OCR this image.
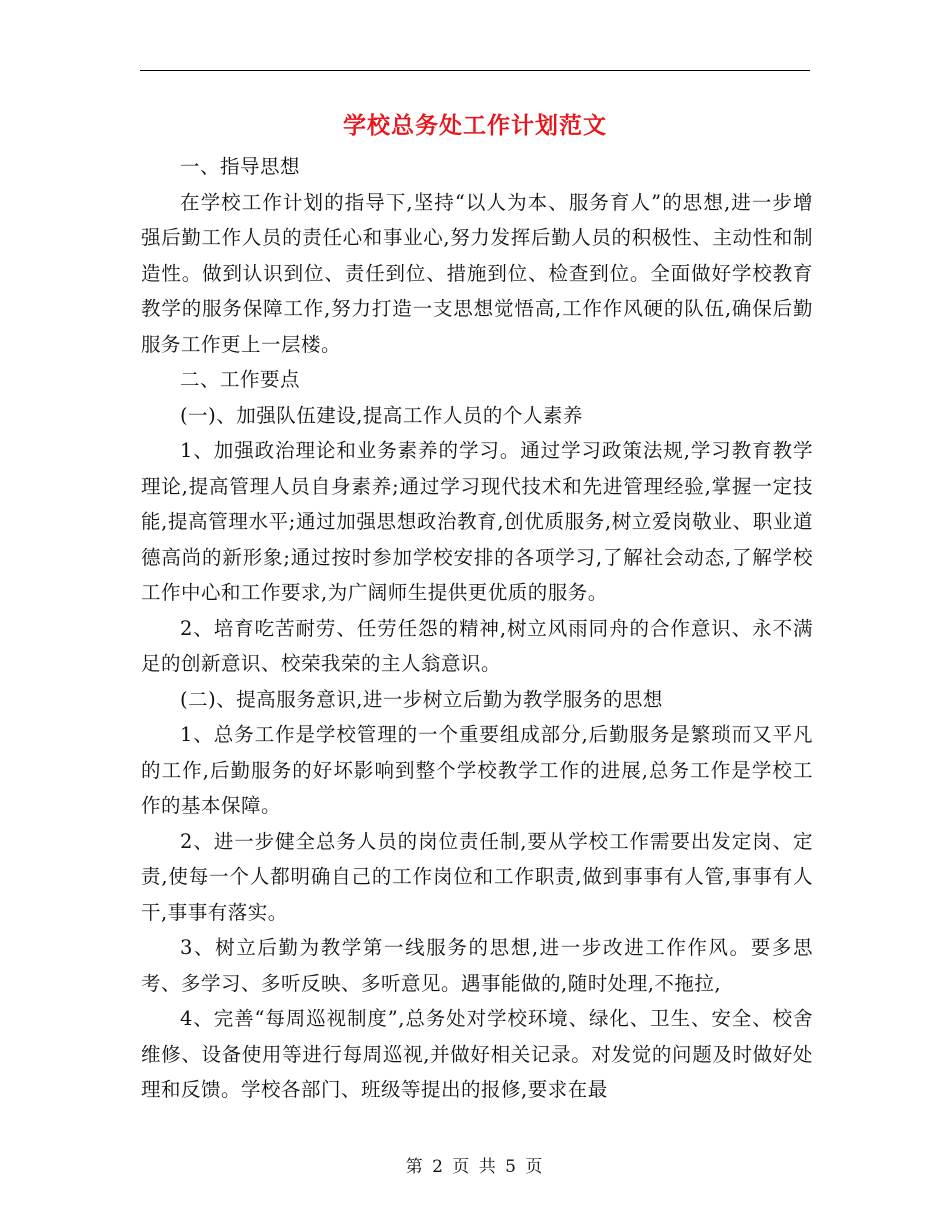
学校总务处工作计划范文

一、指导思想

在学校工作计划的指导下,坚持“以人为本、服务育人”的思想,进一步增强后勤工作人员的责任心和事业心,努力发挥后勤人员的积极性、主动性和制造性。做到认识到位、责任到位、措施到位、检查到位。全面做好学校教育教学的服务保障工作,努力打造一支思想觉悟高,工作作风硬的队伍,确保后勤服务工作更上一层楼。

二、工作要点

(一)、加强队伍建设,提高工作人员的个人素养

1、加强政治理论和业务素养的学习。通过学习政策法规,学习教育教学理论,提高管理人员自身素养;通过学习现代技术和先进管理经验,掌握一定技能,提高管理水平;通过加强思想政治教育,创优质服务,树立爱岗敬业、职业道德高尚的新形象;通过按时参加学校安排的各项学习,了解社会动态,了解学校工作中心和工作要求,为广阔师生提供更优质的服务。

2、培育吃苦耐劳、任劳任怨的精神,树立风雨同舟的合作意识、永不满足的创新意识、校荣我荣的主人翁意识。

(二)、提高服务意识,进一步树立后勤为教学服务的思想

1、总务工作是学校管理的一个重要组成部分,后勤服务是繁琐而又平凡的工作,后勤服务的好坏影响到整个学校教学工作的进展,总务工作是学校工作的基本保障。

2、进一步健全总务人员的岗位责任制,要从学校工作需要出发定岗、定责,使每一个人都明确自己的工作岗位和工作职责,做到事事有人管,事事有人干,事事有落实。

3、树立后勤为教学第一线服务的思想,进一步改进工作作风。要多思考、多学习、多听反映、多听意见。遇事能做的,随时处理,不拖拉,

4、完善“每周巡视制度”,总务处对学校环境、绿化、卫生、安全、校舍维修、设备使用等进行每周巡视,并做好相关记录。对发觉的问题及时做好处理和反馈。学校各部门、班级等提出的报修,要求在最

第 2 页 共 5 页
